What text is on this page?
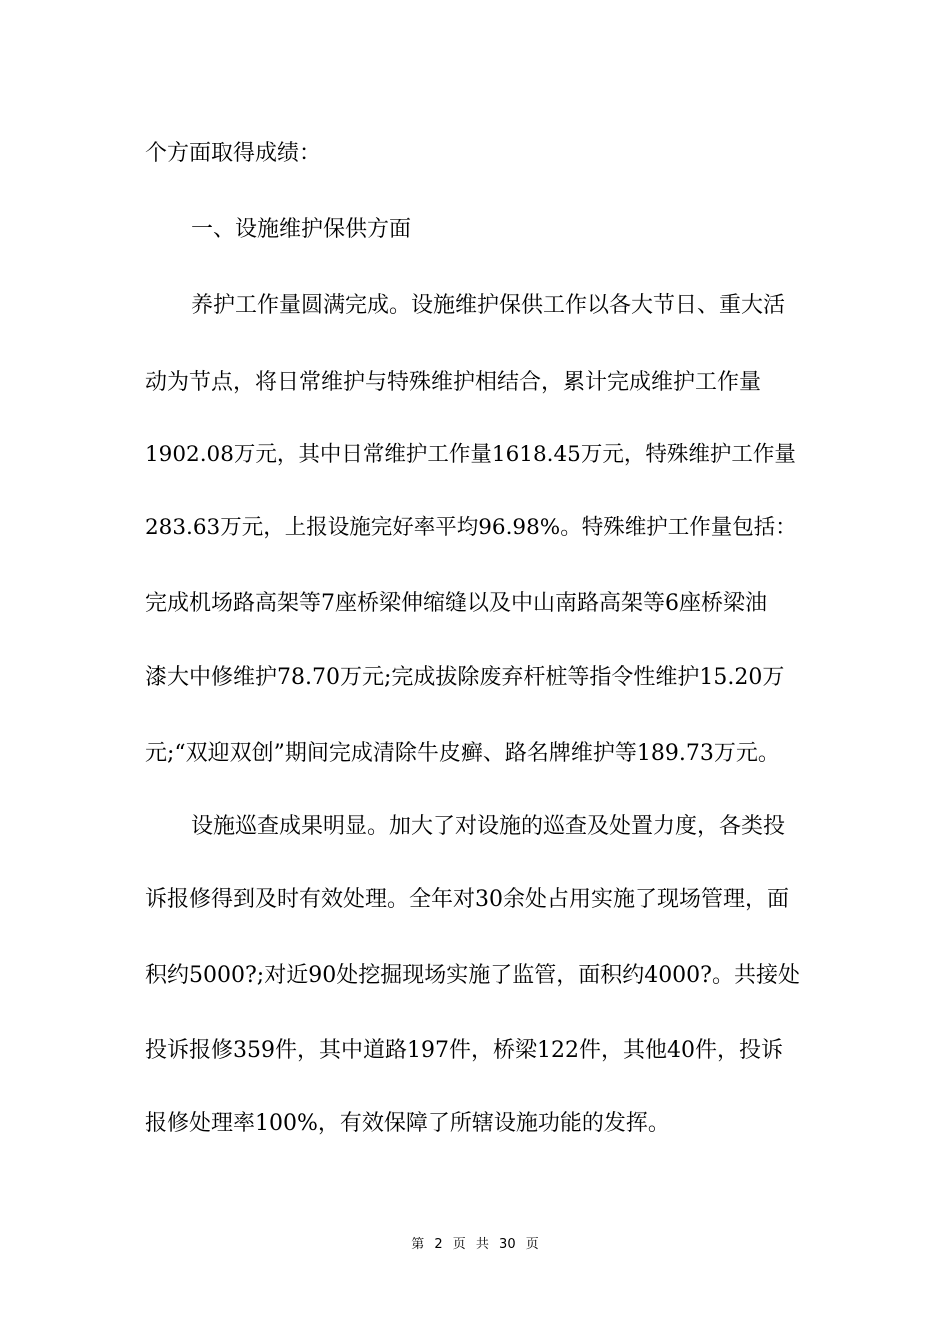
个方面取得成绩：
一、设施维护保供方面
养护工作量圆满完成。设施维护保供工作以各大节日、重大活
动为节点，将日常维护与特殊维护相结合，累计完成维护工作量
1902.08万元，其中日常维护工作量1618.45万元，特殊维护工作量
283.63万元，上报设施完好率平均96.98%。特殊维护工作量包括：
完成机场路高架等7座桥梁伸缩缝以及中山南路高架等6座桥梁油
漆大中修维护78.70万元;完成拔除废弃杆桩等指令性维护15.20万
元;“双迎双创”期间完成清除牛皮癣、路名牌维护等189.73万元。
设施巡查成果明显。加大了对设施的巡查及处置力度，各类投
诉报修得到及时有效处理。全年对30余处占用实施了现场管理，面
积约5000?;对近90处挖掘现场实施了监管，面积约4000?。共接处
投诉报修359件，其中道路197件，桥梁122件，其他40件，投诉
报修处理率100%，有效保障了所辖设施功能的发挥。
第 2 页 共 30 页
